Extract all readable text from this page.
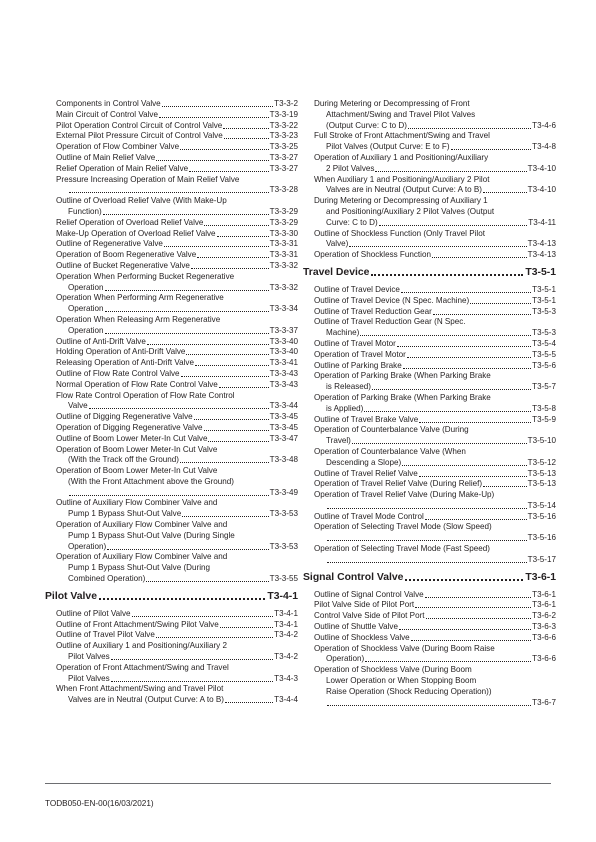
Components in Control Valve	T3-3-2
Main Circuit of Control Valve	T3-3-19
Pilot Operation Control Circuit of Control Valve	T3-3-22
External Pilot Pressure Circuit of Control Valve	T3-3-23
Operation of Flow Combiner Valve	T3-3-25
Outline of Main Relief Valve	T3-3-27
Relief Operation of Main Relief Valve	T3-3-27
Pressure Increasing Operation of Main Relief Valve
T3-3-28
Outline of Overload Relief Valve (With Make-Up
Function)	T3-3-29
Relief Operation of Overload Relief Valve	T3-3-29
Make-Up Operation of Overload Relief Valve	T3-3-30
Outline of Regenerative Valve	T3-3-31
Operation of Boom Regenerative Valve	T3-3-31
Outline of Bucket Regenerative Valve	T3-3-32
Operation When Performing Bucket Regenerative
Operation	T3-3-32
Operation When Performing Arm Regenerative
Operation	T3-3-34
Operation When Releasing Arm Regenerative
Operation	T3-3-37
Outline of Anti-Drift Valve	T3-3-40
Holding Operation of Anti-Drift Valve	T3-3-40
Releasing Operation of Anti-Drift Valve	T3-3-41
Outline of Flow Rate Control Valve	T3-3-43
Normal Operation of Flow Rate Control Valve	T3-3-43
Flow Rate Control Operation of Flow Rate Control
Valve	T3-3-44
Outline of Digging Regenerative Valve	T3-3-45
Operation of Digging Regenerative Valve	T3-3-45
Outline of Boom Lower Meter-In Cut Valve	T3-3-47
Operation of Boom Lower Meter-In Cut Valve
(With the Track off the Ground)	T3-3-48
Operation of Boom Lower Meter-In Cut Valve
(With the Front Attachment above the Ground)
T3-3-49
Outline of Auxiliary Flow Combiner Valve and
Pump 1 Bypass Shut-Out Valve	T3-3-53
Operation of Auxiliary Flow Combiner Valve and
Pump 1 Bypass Shut-Out Valve (During Single
Operation)	T3-3-53
Operation of Auxiliary Flow Combiner Valve and
Pump 1 Bypass Shut-Out Valve (During
Combined Operation)	T3-3-55
Pilot Valve	T3-4-1
Outline of Pilot Valve	T3-4-1
Outline of Front Attachment/Swing Pilot Valve	T3-4-1
Outline of Travel Pilot Valve	T3-4-2
Outline of Auxiliary 1 and Positioning/Auxiliary 2
Pilot Valves	T3-4-2
Operation of Front Attachment/Swing and Travel
Pilot Valves	T3-4-3
When Front Attachment/Swing and Travel Pilot
Valves are in Neutral (Output Curve: A to B)	T3-4-4
During Metering or Decompressing of Front
Attachment/Swing and Travel Pilot Valves
(Output Curve: C to D)	T3-4-6
Full Stroke of Front Attachment/Swing and Travel
Pilot Valves (Output Curve: E to F)	T3-4-8
Operation of Auxiliary 1 and Positioning/Auxiliary
2 Pilot Valves	T3-4-10
When Auxiliary 1 and Positioning/Auxiliary 2 Pilot
Valves are in Neutral (Output Curve: A to B)	T3-4-10
During Metering or Decompressing of Auxiliary 1
and Positioning/Auxiliary 2 Pilot Valves (Output
Curve: C to D)	T3-4-11
Outline of Shockless Function (Only Travel Pilot
Valve)	T3-4-13
Operation of Shockless Function	T3-4-13
Travel Device	T3-5-1
Outline of Travel Device	T3-5-1
Outline of Travel Device (N Spec. Machine)	T3-5-1
Outline of Travel Reduction Gear	T3-5-3
Outline of Travel Reduction Gear (N Spec.
Machine)	T3-5-3
Outline of Travel Motor	T3-5-4
Operation of Travel Motor	T3-5-5
Outline of Parking Brake	T3-5-6
Operation of Parking Brake (When Parking Brake
is Released)	T3-5-7
Operation of Parking Brake (When Parking Brake
is Applied)	T3-5-8
Outline of Travel Brake Valve	T3-5-9
Operation of Counterbalance Valve (During
Travel)	T3-5-10
Operation of Counterbalance Valve (When
Descending a Slope)	T3-5-12
Outline of Travel Relief Valve	T3-5-13
Operation of Travel Relief Valve (During Relief)	T3-5-13
Operation of Travel Relief Valve (During Make-Up)
T3-5-14
Outline of Travel Mode Control	T3-5-16
Operation of Selecting Travel Mode (Slow Speed)
T3-5-16
Operation of Selecting Travel Mode (Fast Speed)
T3-5-17
Signal Control Valve	T3-6-1
Outline of Signal Control Valve	T3-6-1
Pilot Valve Side of Pilot Port	T3-6-1
Control Valve Side of Pilot Port	T3-6-2
Outline of Shuttle Valve	T3-6-3
Outline of Shockless Valve	T3-6-6
Operation of Shockless Valve (During Boom Raise
Operation)	T3-6-6
Operation of Shockless Valve (During Boom
Lower Operation or When Stopping Boom
Raise Operation (Shock Reducing Operation))
T3-6-7
TODB050-EN-00(16/03/2021)
